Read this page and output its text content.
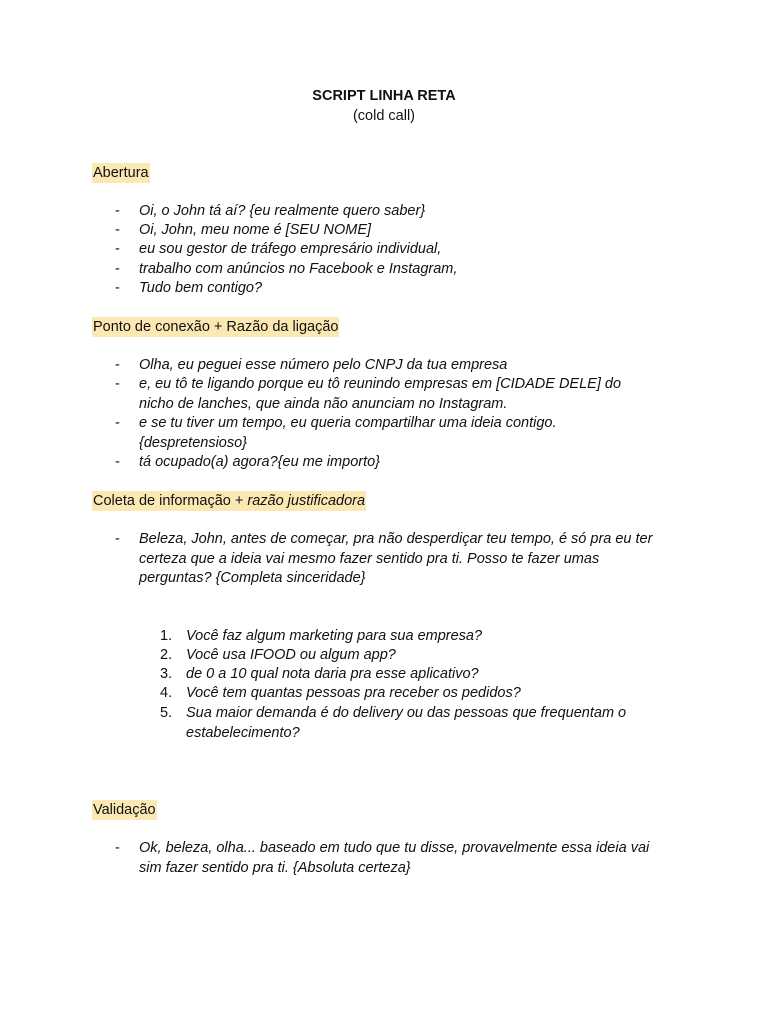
SCRIPT LINHA RETA
(cold call)
Abertura
- Oi, o John tá aí? {eu realmente quero saber}
- Oi, John, meu nome é [SEU NOME]
- eu sou gestor de tráfego empresário individual,
- trabalho com anúncios no Facebook e Instagram,
- Tudo bem contigo?
Ponto de conexão + Razão da ligação
- Olha, eu peguei esse número pelo CNPJ da tua empresa
- e, eu tô te ligando porque eu tô reunindo empresas em [CIDADE DELE] do nicho de lanches, que ainda não anunciam no Instagram.
- e se tu tiver um tempo, eu queria compartilhar uma ideia contigo. {despretensioso}
- tá ocupado(a) agora?{eu me importo}
Coleta de informação + razão justificadora
- Beleza, John, antes de começar, pra não desperdiçar teu tempo, é só pra eu ter certeza que a ideia vai mesmo fazer sentido pra ti. Posso te fazer umas perguntas? {Completa sinceridade}
1. Você faz algum marketing para sua empresa?
2. Você usa IFOOD ou algum app?
3. de 0 a 10 qual nota daria pra esse aplicativo?
4. Você tem quantas pessoas pra receber os pedidos?
5. Sua maior demanda é do delivery ou das pessoas que frequentam o estabelecimento?
Validação
- Ok, beleza, olha... baseado em tudo que tu disse, provavelmente essa ideia vai sim fazer sentido pra ti. {Absoluta certeza}
